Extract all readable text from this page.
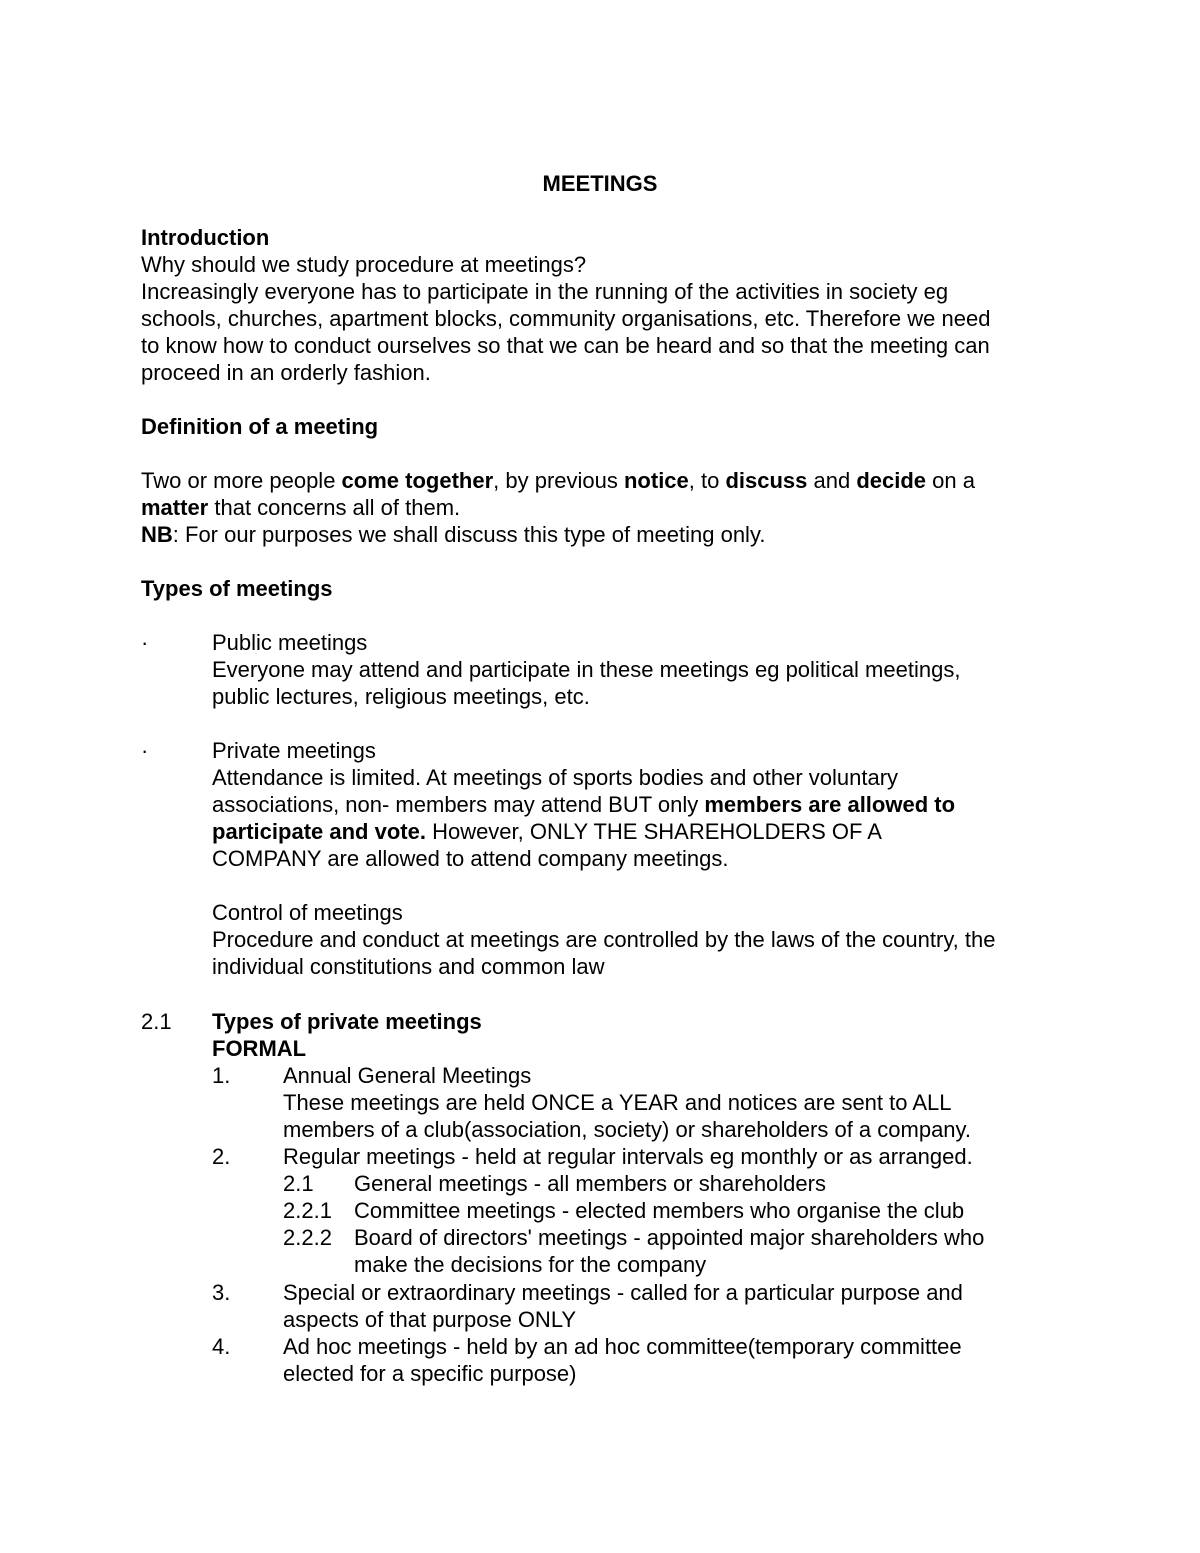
MEETINGS

Introduction

Why should we study procedure at meetings?

Increasingly everyone has to participate in the running of the activities in society eg

schools, churches, apartment blocks, community organisations, etc. Therefore we need

to know how to conduct ourselves so that we can be heard and so that the meeting can

proceed in an orderly fashion.

Definition of a meeting

Two or more people come together, by previous notice, to discuss and decide on a

matter that concerns all of them.

NB: For our purposes we shall discuss this type of meeting only.

Types of meetings

·	Public meetings

Everyone may attend and participate in these meetings eg political meetings,

public lectures, religious meetings, etc.

·	Private meetings

Attendance is limited. At meetings of sports bodies and other voluntary

associations, non- members may attend BUT only members are allowed to

participate and vote. However, ONLY THE SHAREHOLDERS OF A

COMPANY are allowed to attend company meetings.

Control of meetings

Procedure and conduct at meetings are controlled by the laws of the country, the

individual constitutions and common law

2.1 Types of private meetings

FORMAL

1. Annual General Meetings

These meetings are held ONCE a YEAR and notices are sent to ALL

members of a club(association, society) or shareholders of a company.

2. Regular meetings - held at regular intervals eg monthly or as arranged.

2.1 General meetings - all members or shareholders

2.2.1 Committee meetings - elected members who organise the club

2.2.2 Board of directors' meetings - appointed major shareholders who

make the decisions for the company

3. Special or extraordinary meetings - called for a particular purpose and

aspects of that purpose ONLY

4. Ad hoc meetings - held by an ad hoc committee(temporary committee

elected for a specific purpose)
